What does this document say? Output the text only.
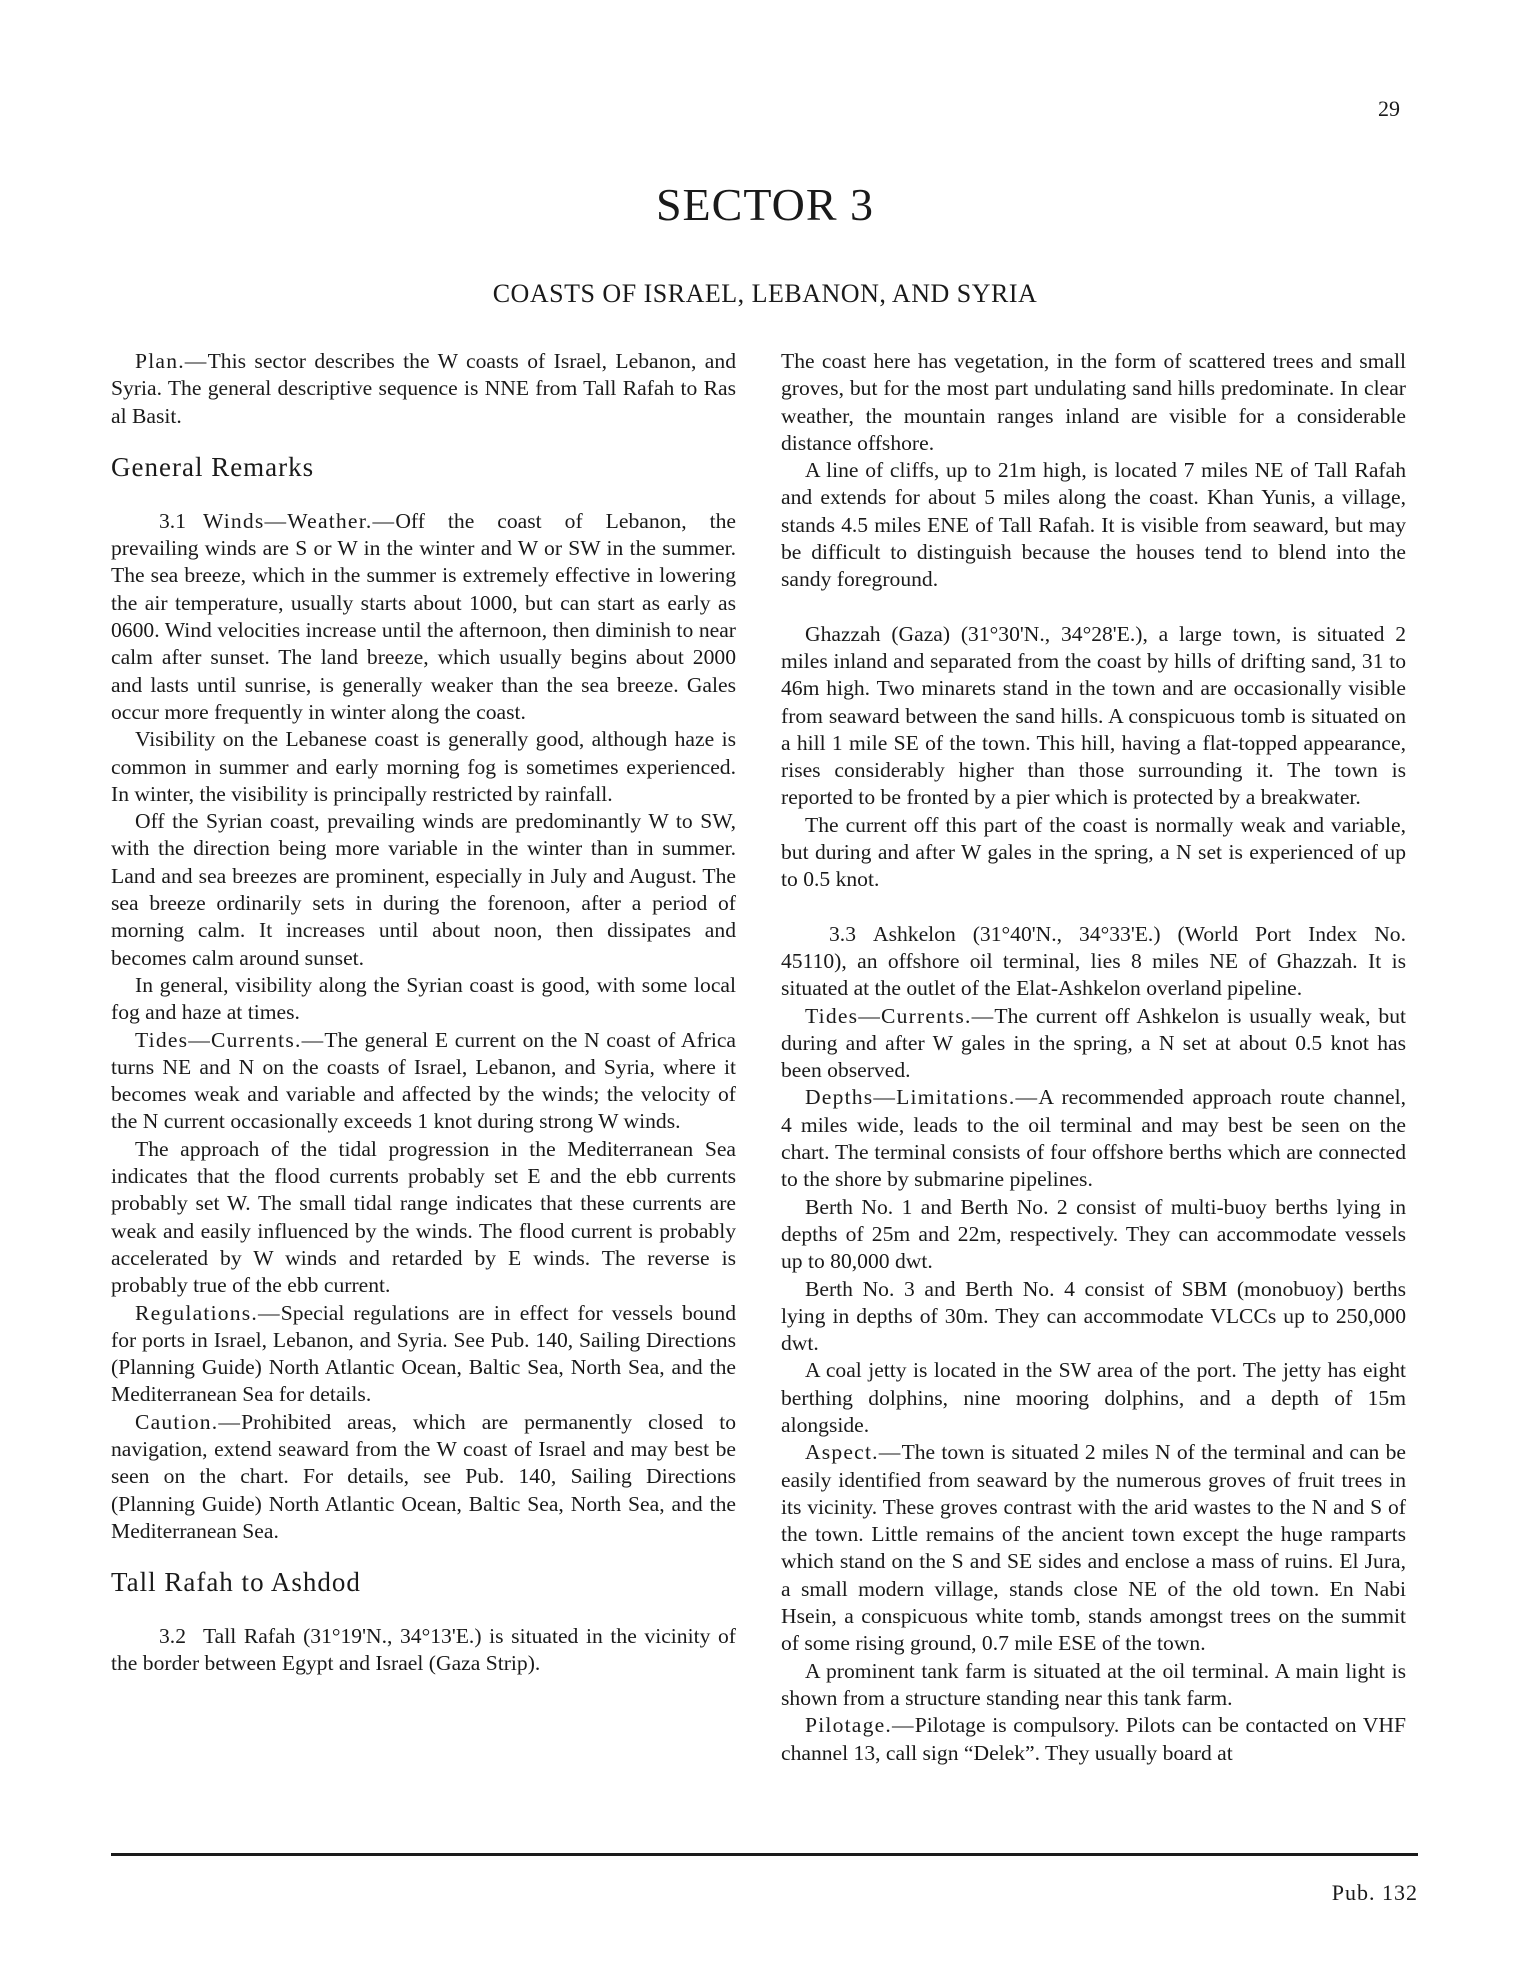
29
SECTOR 3
COASTS OF ISRAEL, LEBANON, AND SYRIA

Plan.—This sector describes the W coasts of Israel, Lebanon, and Syria. The general descriptive sequence is NNE from Tall Rafah to Ras al Basit.

General Remarks

3.1 Winds—Weather.—Off the coast of Lebanon, the prevailing winds are S or W in the winter and W or SW in the summer. The sea breeze, which in the summer is extremely effective in lowering the air temperature, usually starts about 1000, but can start as early as 0600. Wind velocities increase until the afternoon, then diminish to near calm after sunset. The land breeze, which usually begins about 2000 and lasts until sunrise, is generally weaker than the sea breeze. Gales occur more frequently in winter along the coast.

Visibility on the Lebanese coast is generally good, although haze is common in summer and early morning fog is sometimes experienced. In winter, the visibility is principally restricted by rainfall.

Off the Syrian coast, prevailing winds are predominantly W to SW, with the direction being more variable in the winter than in summer. Land and sea breezes are prominent, especially in July and August. The sea breeze ordinarily sets in during the forenoon, after a period of morning calm. It increases until about noon, then dissipates and becomes calm around sunset.

In general, visibility along the Syrian coast is good, with some local fog and haze at times.

Tides—Currents.—The general E current on the N coast of Africa turns NE and N on the coasts of Israel, Lebanon, and Syria, where it becomes weak and variable and affected by the winds; the velocity of the N current occasionally exceeds 1 knot during strong W winds.

The approach of the tidal progression in the Mediterranean Sea indicates that the flood currents probably set E and the ebb currents probably set W. The small tidal range indicates that these currents are weak and easily influenced by the winds. The flood current is probably accelerated by W winds and retarded by E winds. The reverse is probably true of the ebb current.

Regulations.—Special regulations are in effect for vessels bound for ports in Israel, Lebanon, and Syria. See Pub. 140, Sailing Directions (Planning Guide) North Atlantic Ocean, Baltic Sea, North Sea, and the Mediterranean Sea for details.

Caution.—Prohibited areas, which are permanently closed to navigation, extend seaward from the W coast of Israel and may best be seen on the chart. For details, see Pub. 140, Sailing Directions (Planning Guide) North Atlantic Ocean, Baltic Sea, North Sea, and the Mediterranean Sea.

Tall Rafah to Ashdod

3.2 Tall Rafah (31°19'N., 34°13'E.) is situated in the vicinity of the border between Egypt and Israel (Gaza Strip).

The coast here has vegetation, in the form of scattered trees and small groves, but for the most part undulating sand hills predominate. In clear weather, the mountain ranges inland are visible for a considerable distance offshore.

A line of cliffs, up to 21m high, is located 7 miles NE of Tall Rafah and extends for about 5 miles along the coast. Khan Yunis, a village, stands 4.5 miles ENE of Tall Rafah. It is visible from seaward, but may be difficult to distinguish because the houses tend to blend into the sandy foreground.

Ghazzah (Gaza) (31°30'N., 34°28'E.), a large town, is situated 2 miles inland and separated from the coast by hills of drifting sand, 31 to 46m high. Two minarets stand in the town and are occasionally visible from seaward between the sand hills. A conspicuous tomb is situated on a hill 1 mile SE of the town. This hill, having a flat-topped appearance, rises considerably higher than those surrounding it. The town is reported to be fronted by a pier which is protected by a breakwater.

The current off this part of the coast is normally weak and variable, but during and after W gales in the spring, a N set is experienced of up to 0.5 knot.

3.3 Ashkelon (31°40'N., 34°33'E.) (World Port Index No. 45110), an offshore oil terminal, lies 8 miles NE of Ghazzah. It is situated at the outlet of the Elat-Ashkelon overland pipeline.

Tides—Currents.—The current off Ashkelon is usually weak, but during and after W gales in the spring, a N set at about 0.5 knot has been observed.

Depths—Limitations.—A recommended approach route channel, 4 miles wide, leads to the oil terminal and may best be seen on the chart. The terminal consists of four offshore berths which are connected to the shore by submarine pipelines.

Berth No. 1 and Berth No. 2 consist of multi-buoy berths lying in depths of 25m and 22m, respectively. They can accommodate vessels up to 80,000 dwt.

Berth No. 3 and Berth No. 4 consist of SBM (monobuoy) berths lying in depths of 30m. They can accommodate VLCCs up to 250,000 dwt.

A coal jetty is located in the SW area of the port. The jetty has eight berthing dolphins, nine mooring dolphins, and a depth of 15m alongside.

Aspect.—The town is situated 2 miles N of the terminal and can be easily identified from seaward by the numerous groves of fruit trees in its vicinity. These groves contrast with the arid wastes to the N and S of the town. Little remains of the ancient town except the huge ramparts which stand on the S and SE sides and enclose a mass of ruins. El Jura, a small modern village, stands close NE of the old town. En Nabi Hsein, a conspicuous white tomb, stands amongst trees on the summit of some rising ground, 0.7 mile ESE of the town.

A prominent tank farm is situated at the oil terminal. A main light is shown from a structure standing near this tank farm.

Pilotage.—Pilotage is compulsory. Pilots can be contacted on VHF channel 13, call sign “Delek”. They usually board at

Pub. 132
